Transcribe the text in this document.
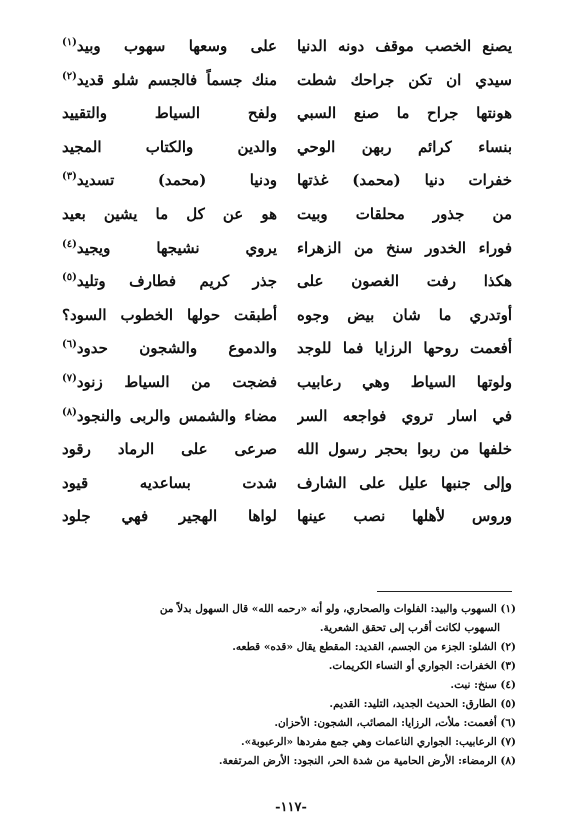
يصنع الخصب موقف دونه الدنيا
على وسعها سهوب وبيد$^{(١)}$
سيدي ان تكن جراحك شطت
منك جسماً فالجسم شلو قديد$^{(٢)}$
هونتها جراح ما صنع السبي
ولفح السياط والتقييد
بنساء كرائم ربهن الوحي
والدين والكتاب المجيد
خفرات دنيا (محمد) غذتها
ودنيا (محمد) تسديد$^{(٣)}$
من جذور محلقات وبيت
هو عن كل ما يشين بعيد
فوراء الخدور سنخ من الزهراء
يروي نشيجها ويجيد$^{(٤)}$
هكذا رفت الغصون على
جذر كريم فطارف وتليد$^{(٥)}$
أوتدري ما شان بيض وجوه
أطبقت حولها الخطوب السود؟
أفعمت روحها الرزايا فما للوجد
والدموع والشجون حدود$^{(٦)}$
ولوتها السياط وهي رعابيب
فضجت من السياط زنود$^{(٧)}$
في اسار تروي فواجعه السر
مضاء والشمس والربى والنجود$^{(٨)}$
خلفها من ربوا بحجر رسول الله
صرعى على الرماد رقود
وإلى جنبها عليل على الشارف
شدت بساعديه قيود
وروس لأهلها نصب عينها
لواها الهجير فهي جلود
(١) السهوب والبيد: الفلوات والصحاري، ولو أنه «رحمه الله» قال السهول بدلاً من
السهوب لكانت أقرب إلى تحقق الشعرية.
(٢) الشلو: الجزء من الجسم، القديد: المقطع يقال «قده» قطعه.
(٣) الخفرات: الجواري أو النساء الكريمات.
(٤) سنخ: نبت.
(٥) الطارق: الحديث الجديد، التليد: القديم.
(٦) أفعمت: ملأت، الرزايا: المصائب، الشجون: الأحزان.
(٧) الرعابيب: الجواري الناعمات وهي جمع مفردها «الرعبوبة».
(٨) الرمضاء: الأرض الحامية من شدة الحر، النجود: الأرض المرتفعة.
-١١٧-
